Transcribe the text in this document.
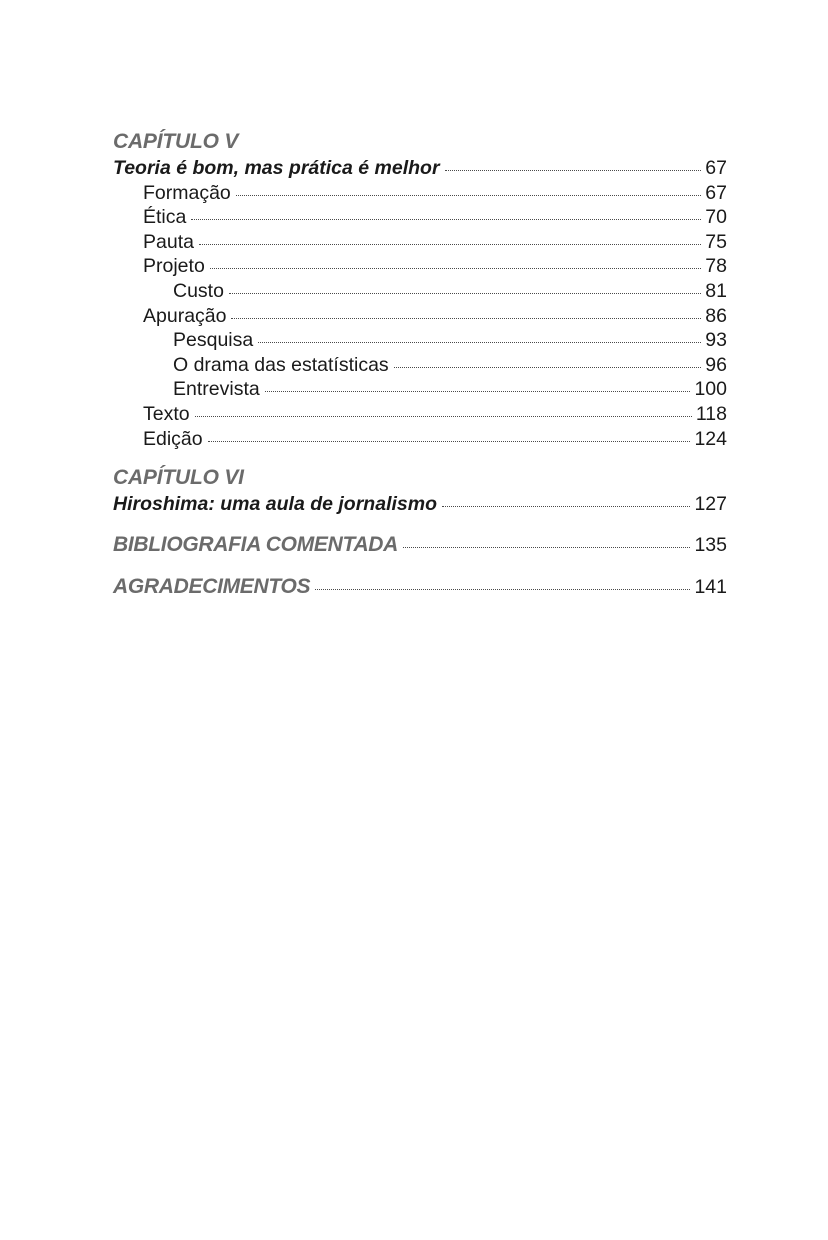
CAPÍTULO V
Teoria é bom, mas prática é melhor	67
Formação	67
Ética	70
Pauta	75
Projeto	78
Custo	81
Apuração	86
Pesquisa	93
O drama das estatísticas	96
Entrevista	100
Texto	118
Edição	124
CAPÍTULO VI
Hiroshima: uma aula de jornalismo	127
BIBLIOGRAFIA COMENTADA	135
AGRADECIMENTOS	141
